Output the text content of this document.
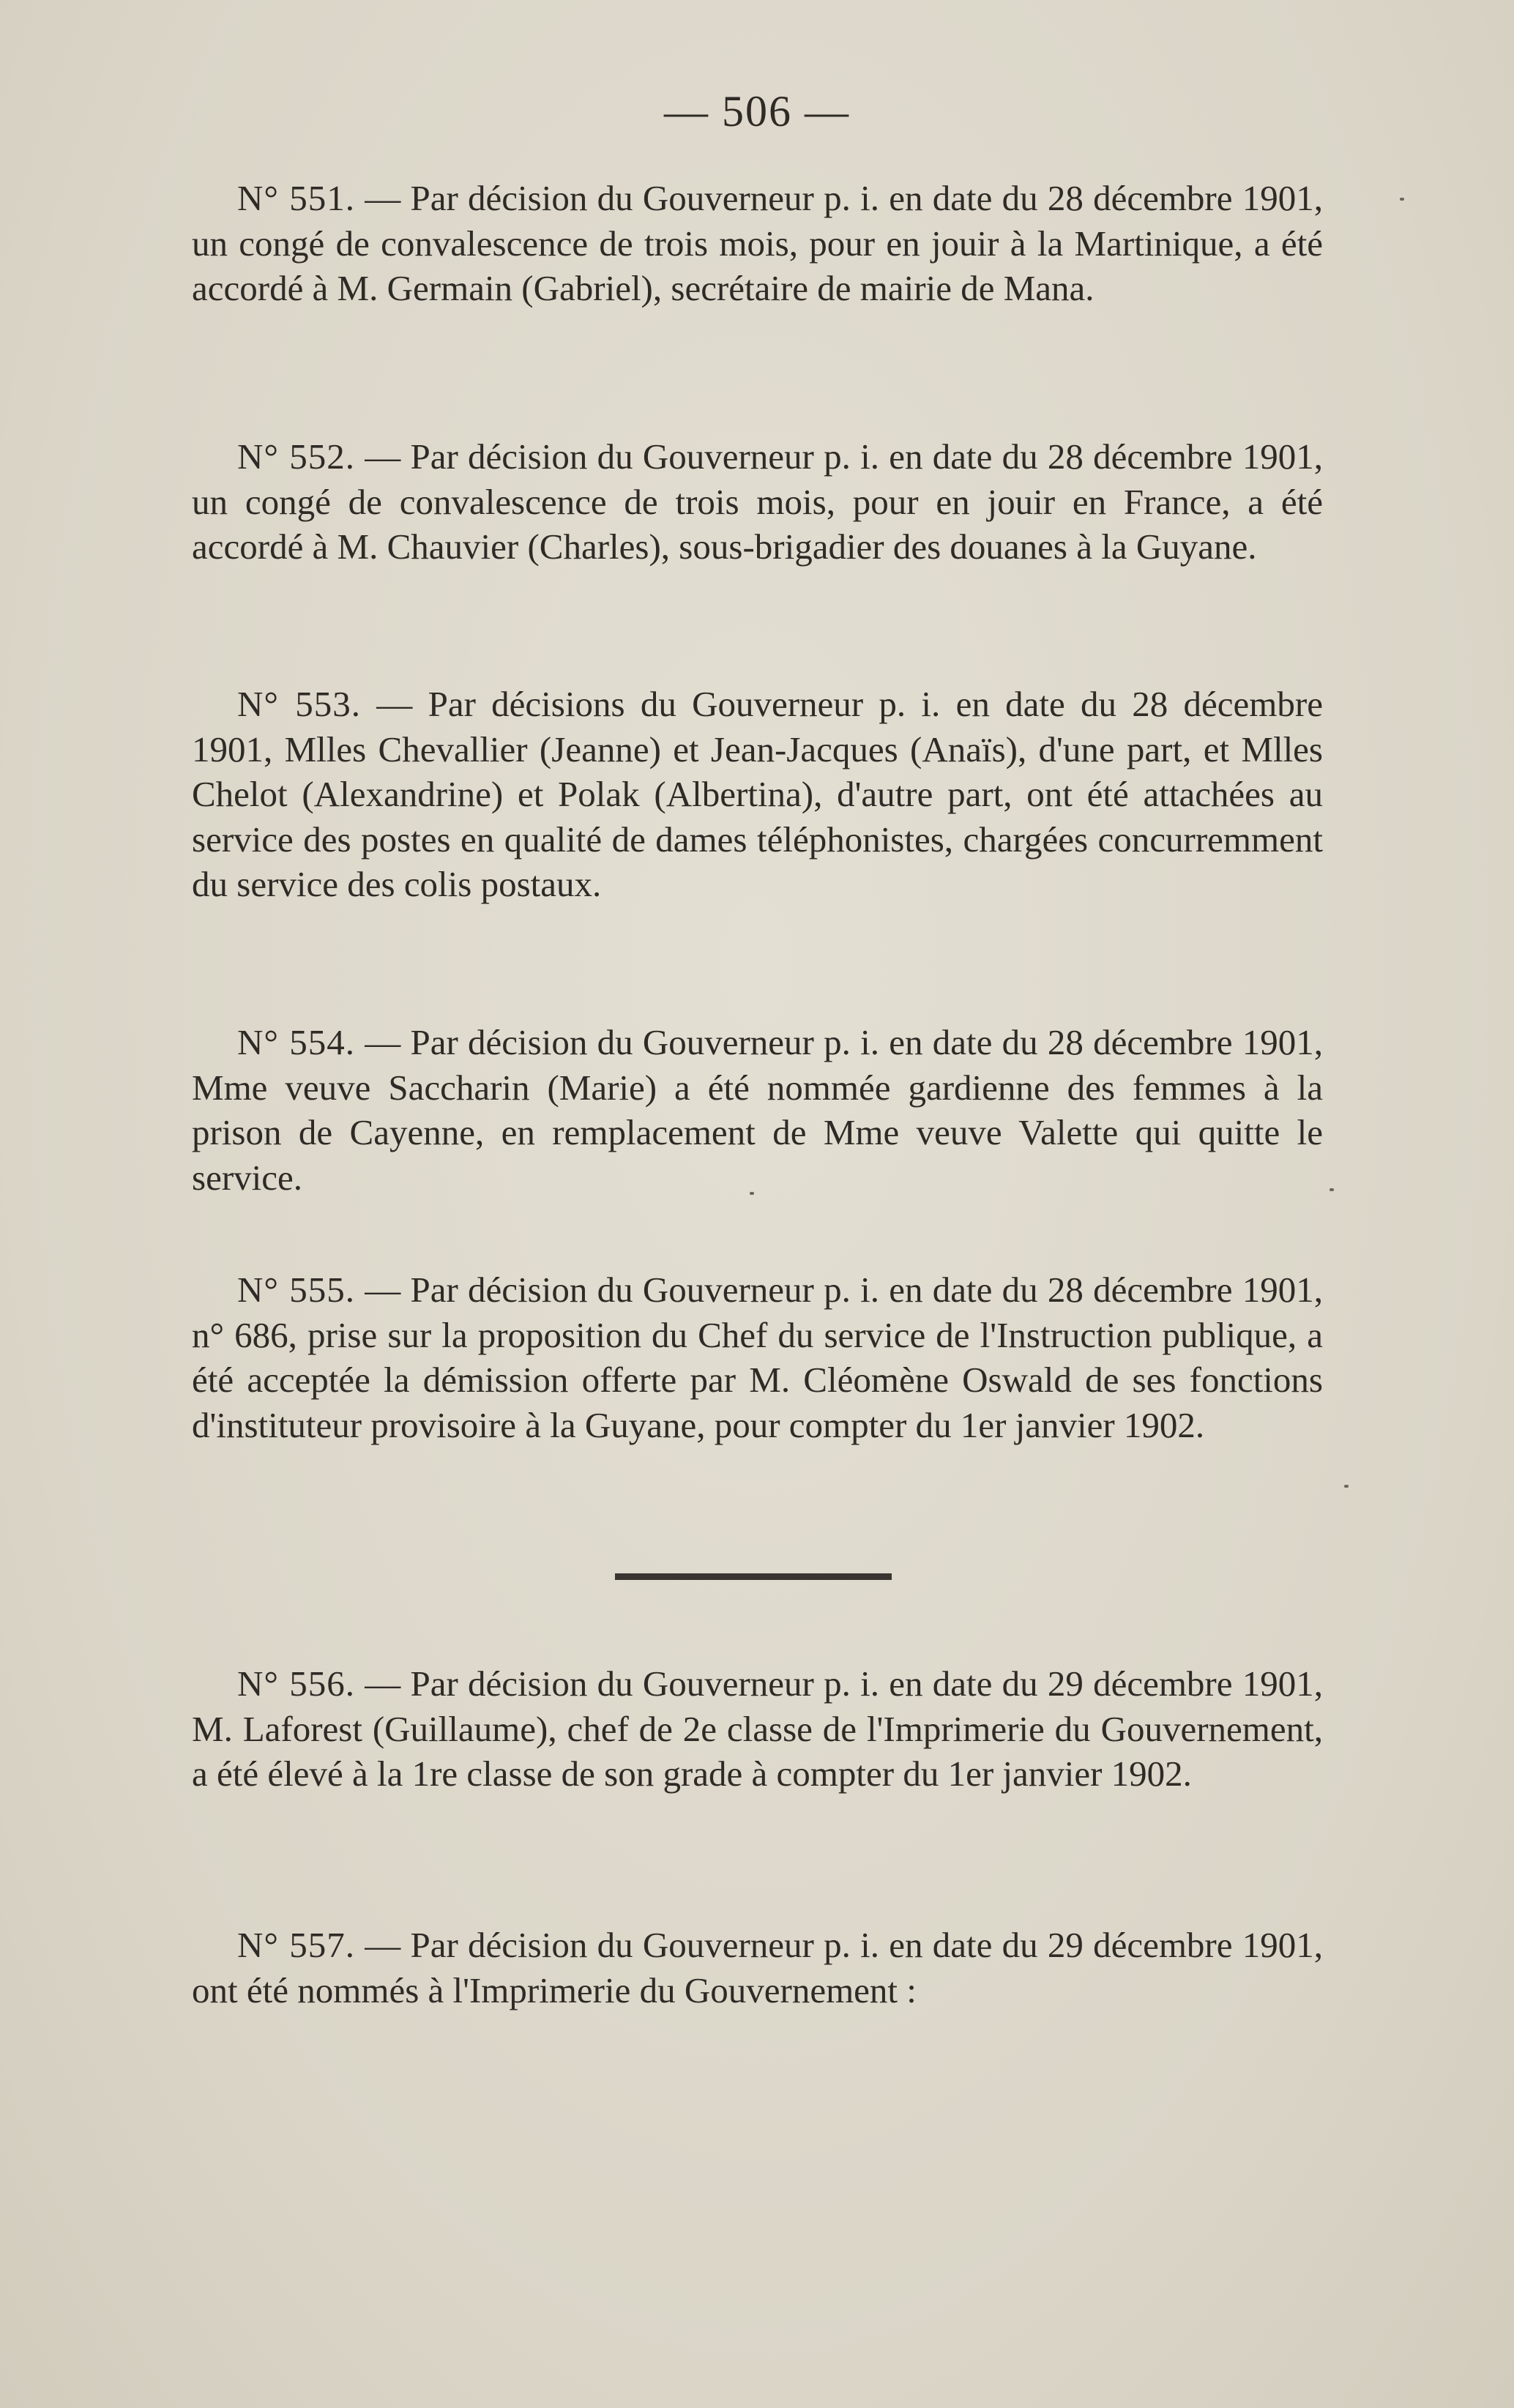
— 506 —
N° 551. — Par décision du Gouverneur p. i. en date du 28 décembre 1901, un congé de convalescence de trois mois, pour en jouir à la Martinique, a été accordé à M. Germain (Gabriel), secrétaire de mairie de Mana.
N° 552. — Par décision du Gouverneur p. i. en date du 28 décembre 1901, un congé de convalescence de trois mois, pour en jouir en France, a été accordé à M. Chauvier (Charles), sous-brigadier des douanes à la Guyane.
N° 553. — Par décisions du Gouverneur p. i. en date du 28 décembre 1901, Mlles Chevallier (Jeanne) et Jean-Jacques (Anaïs), d'une part, et Mlles Chelot (Alexandrine) et Polak (Albertina), d'autre part, ont été attachées au service des postes en qualité de dames téléphonistes, chargées concurremment du service des colis postaux.
N° 554. — Par décision du Gouverneur p. i. en date du 28 décembre 1901, Mme veuve Saccharin (Marie) a été nommée gardienne des femmes à la prison de Cayenne, en remplacement de Mme veuve Valette qui quitte le service.
N° 555. — Par décision du Gouverneur p. i. en date du 28 décembre 1901, n° 686, prise sur la proposition du Chef du service de l'Instruction publique, a été acceptée la démission offerte par M. Cléomène Oswald de ses fonctions d'instituteur provisoire à la Guyane, pour compter du 1er janvier 1902.
N° 556. — Par décision du Gouverneur p. i. en date du 29 décembre 1901, M. Laforest (Guillaume), chef de 2e classe de l'Imprimerie du Gouvernement, a été élevé à la 1re classe de son grade à compter du 1er janvier 1902.
N° 557. — Par décision du Gouverneur p. i. en date du 29 décembre 1901, ont été nommés à l'Imprimerie du Gouvernement :
